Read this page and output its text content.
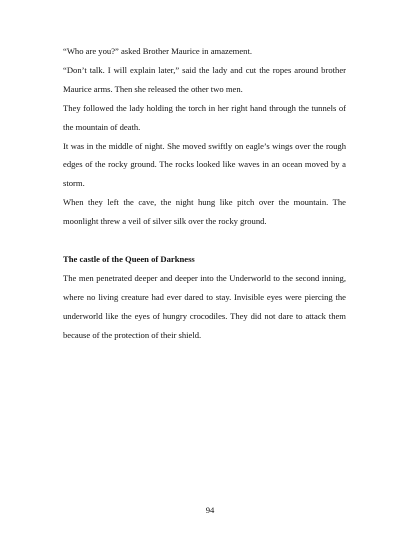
“Who are you?” asked Brother Maurice in amazement.

“Don’t talk. I will explain later,” said the lady and cut the ropes around brother Maurice arms. Then she released the other two men.

They followed the lady holding the torch in her right hand through the tunnels of the mountain of death.

It was in the middle of night. She moved swiftly on eagle’s wings over the rough edges of the rocky ground. The rocks looked like waves in an ocean moved by a storm.

When they left the cave, the night hung like pitch over the mountain. The moonlight threw a veil of silver silk over the rocky ground.

The castle of the Queen of Darkness

The men penetrated deeper and deeper into the Underworld to the second inning, where no living creature had ever dared to stay. Invisible eyes were piercing the underworld like the eyes of hungry crocodiles. They did not dare to attack them because of the protection of their shield.

94
